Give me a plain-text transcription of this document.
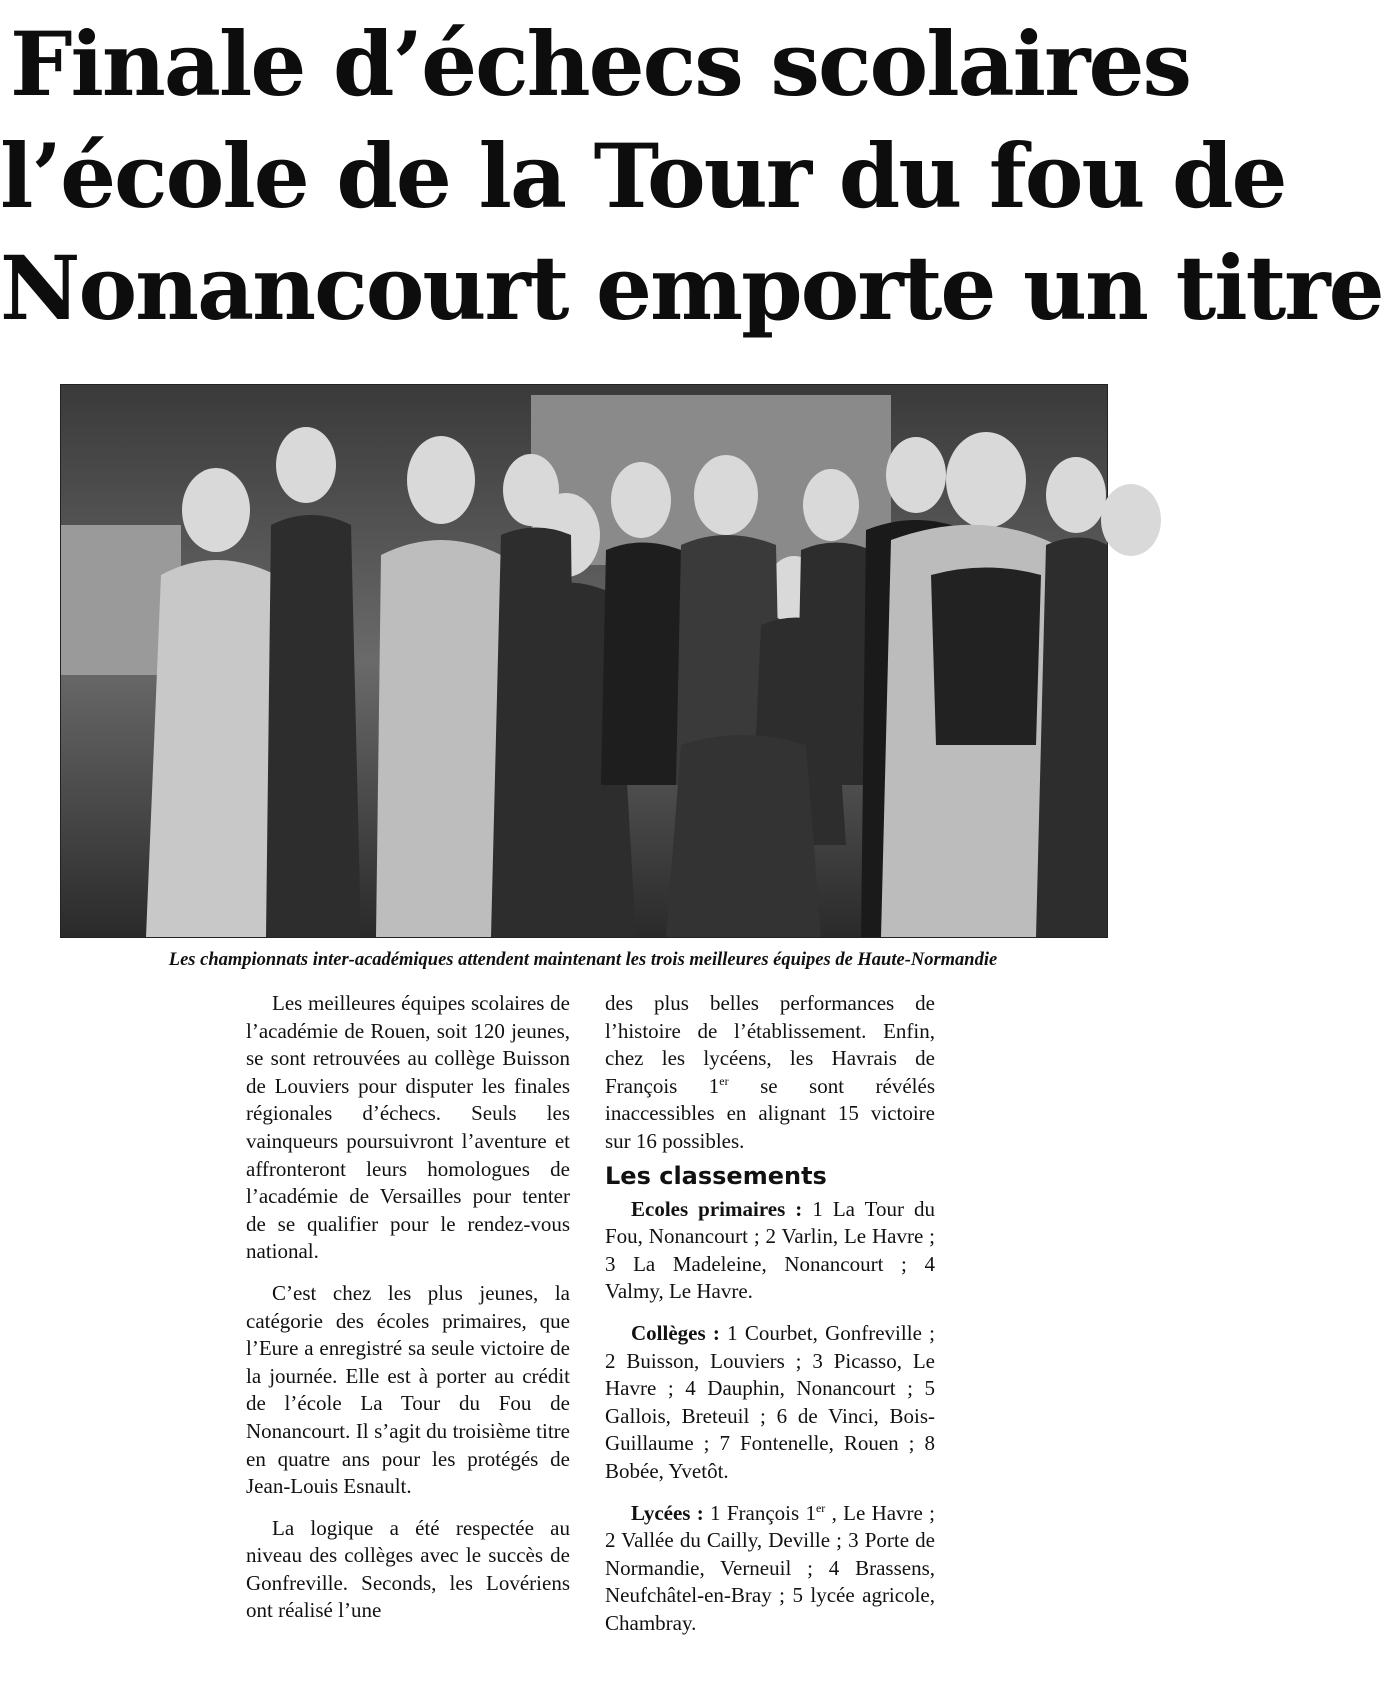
Finale d’échecs scolaires
l’école de la Tour du fou de
Nonancourt emporte un titre

Les championnats inter-académiques attendent maintenant les trois meilleures équipes de Haute-Normandie

Les meilleures équipes scolaires de l’académie de Rouen, soit 120 jeunes, se sont retrouvées au collège Buisson de Louviers pour disputer les finales régionales d’échecs. Seuls les vainqueurs poursuivront l’aventure et affronteront leurs homologues de l’académie de Versailles pour tenter de se qualifier pour le rendez-vous national.

C’est chez les plus jeunes, la catégorie des écoles primaires, que l’Eure a enregistré sa seule victoire de la journée. Elle est à porter au crédit de l’école La Tour du Fou de Nonancourt. Il s’agit du troisième titre en quatre ans pour les protégés de Jean-Louis Esnault.

La logique a été respectée au niveau des collèges avec le succès de Gonfreville. Seconds, les Lovériens ont réalisé l’une

des plus belles performances de l’histoire de l’établissement. Enfin, chez les lycéens, les Havrais de François 1er se sont révélés inaccessibles en alignant 15 victoire sur 16 possibles.

Les classements

Ecoles primaires : 1 La Tour du Fou, Nonancourt ; 2 Varlin, Le Havre ; 3 La Madeleine, Nonancourt ; 4 Valmy, Le Havre.

Collèges : 1 Courbet, Gonfreville ; 2 Buisson, Louviers ; 3 Picasso, Le Havre ; 4 Dauphin, Nonancourt ; 5 Gallois, Breteuil ; 6 de Vinci, Bois-Guillaume ; 7 Fontenelle, Rouen ; 8 Bobée, Yvetôt.

Lycées : 1 François 1er , Le Havre ; 2 Vallée du Cailly, Deville ; 3 Porte de Normandie, Verneuil ; 4 Brassens, Neufchâtel-en-Bray ; 5 lycée agricole, Chambray.
